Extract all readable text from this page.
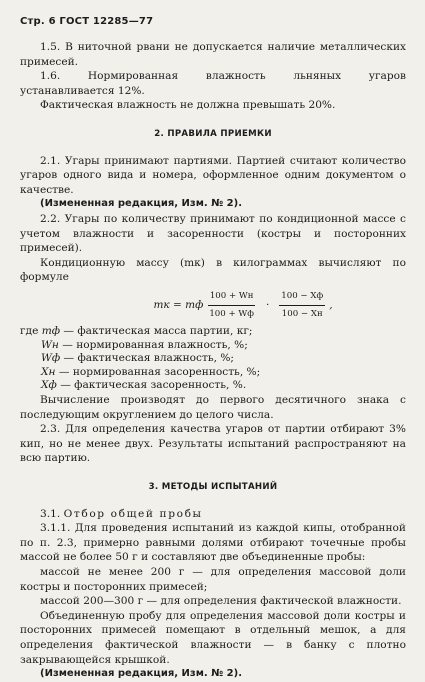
Стр. 6 ГОСТ 12285—77

1.5. В ниточной рвани не допускается наличие металлических примесей.

1.6. Нормированная влажность льняных угаров устанавливается 12%.

Фактическая влажность не должна превышать 20%.

2. ПРАВИЛА ПРИЕМКИ

2.1. Угары принимают партиями. Партией считают количество угаров одного вида и номера, оформленное одним документом о качестве.

(Измененная редакция, Изм. № 2).

2.2. Угары по количеству принимают по кондиционной массе с учетом влажности и засоренности (костры и посторонних примесей).

Кондиционную массу (mк) в килограммах вычисляют по формуле

mк = mф $\frac{100 + Wн}{100 + Wф} \cdot \frac{100 - Xф}{100 - Xн}$ ,

где mф — фактическая масса партии, кг;

Wн — нормированная влажность, %;

Wф — фактическая влажность, %;

Xн — нормированная засоренность, %;

Xф — фактическая засоренность, %.

Вычисление производят до первого десятичного знака с последующим округлением до целого числа.

2.3. Для определения качества угаров от партии отбирают 3% кип, но не менее двух. Результаты испытаний распространяют на всю партию.

3. МЕТОДЫ ИСПЫТАНИЙ

3.1. Отбор общей пробы

3.1.1. Для проведения испытаний из каждой кипы, отобранной по п. 2.3, примерно равными долями отбирают точечные пробы массой не более 50 г и составляют две объединенные пробы:

массой не менее 200 г — для определения массовой доли костры и посторонних примесей;

массой 200—300 г — для определения фактической влажности.

Объединенную пробу для определения массовой доли костры и посторонних примесей помещают в отдельный мешок, а для определения фактической влажности — в банку с плотно закрывающейся крышкой.

(Измененная редакция, Изм. № 2).
